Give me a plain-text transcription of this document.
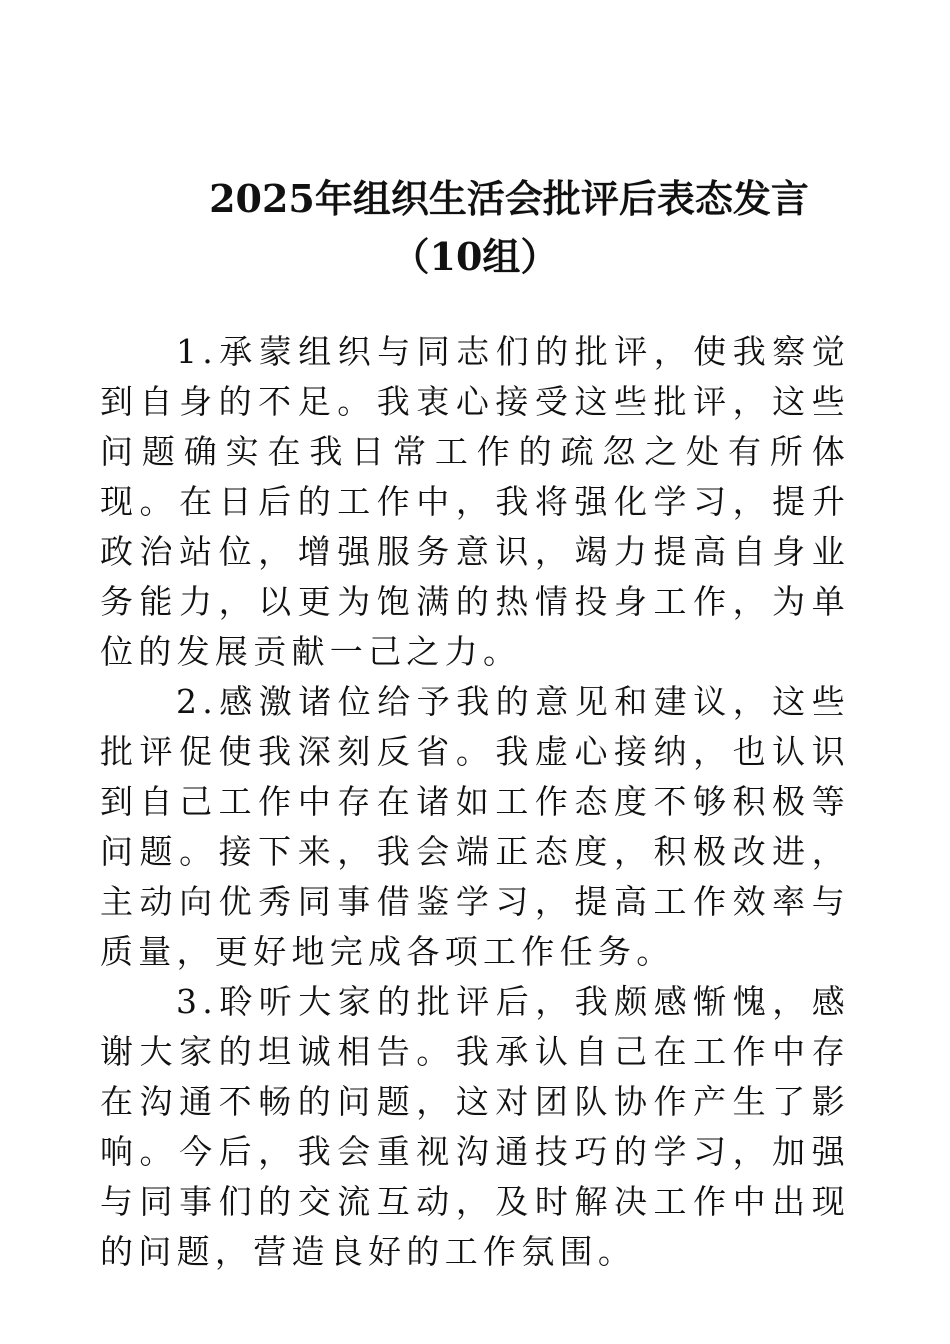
2025年组织生活会批评后表态发言
（10组）

1.承蒙组织与同志们的批评，使我察觉到自身的不足。我衷心接受这些批评，这些问题确实在我日常工作的疏忽之处有所体现。在日后的工作中，我将强化学习，提升政治站位，增强服务意识，竭力提高自身业务能力，以更为饱满的热情投身工作，为单位的发展贡献一己之力。

2.感激诸位给予我的意见和建议，这些批评促使我深刻反省。我虚心接纳，也认识到自己工作中存在诸如工作态度不够积极等问题。接下来，我会端正态度，积极改进，主动向优秀同事借鉴学习，提高工作效率与质量，更好地完成各项工作任务。

3.聆听大家的批评后，我颇感惭愧，感谢大家的坦诚相告。我承认自己在工作中存在沟通不畅的问题，这对团队协作产生了影响。今后，我会重视沟通技巧的学习，加强与同事们的交流互动，及时解决工作中出现的问题，营造良好的工作氛围。
